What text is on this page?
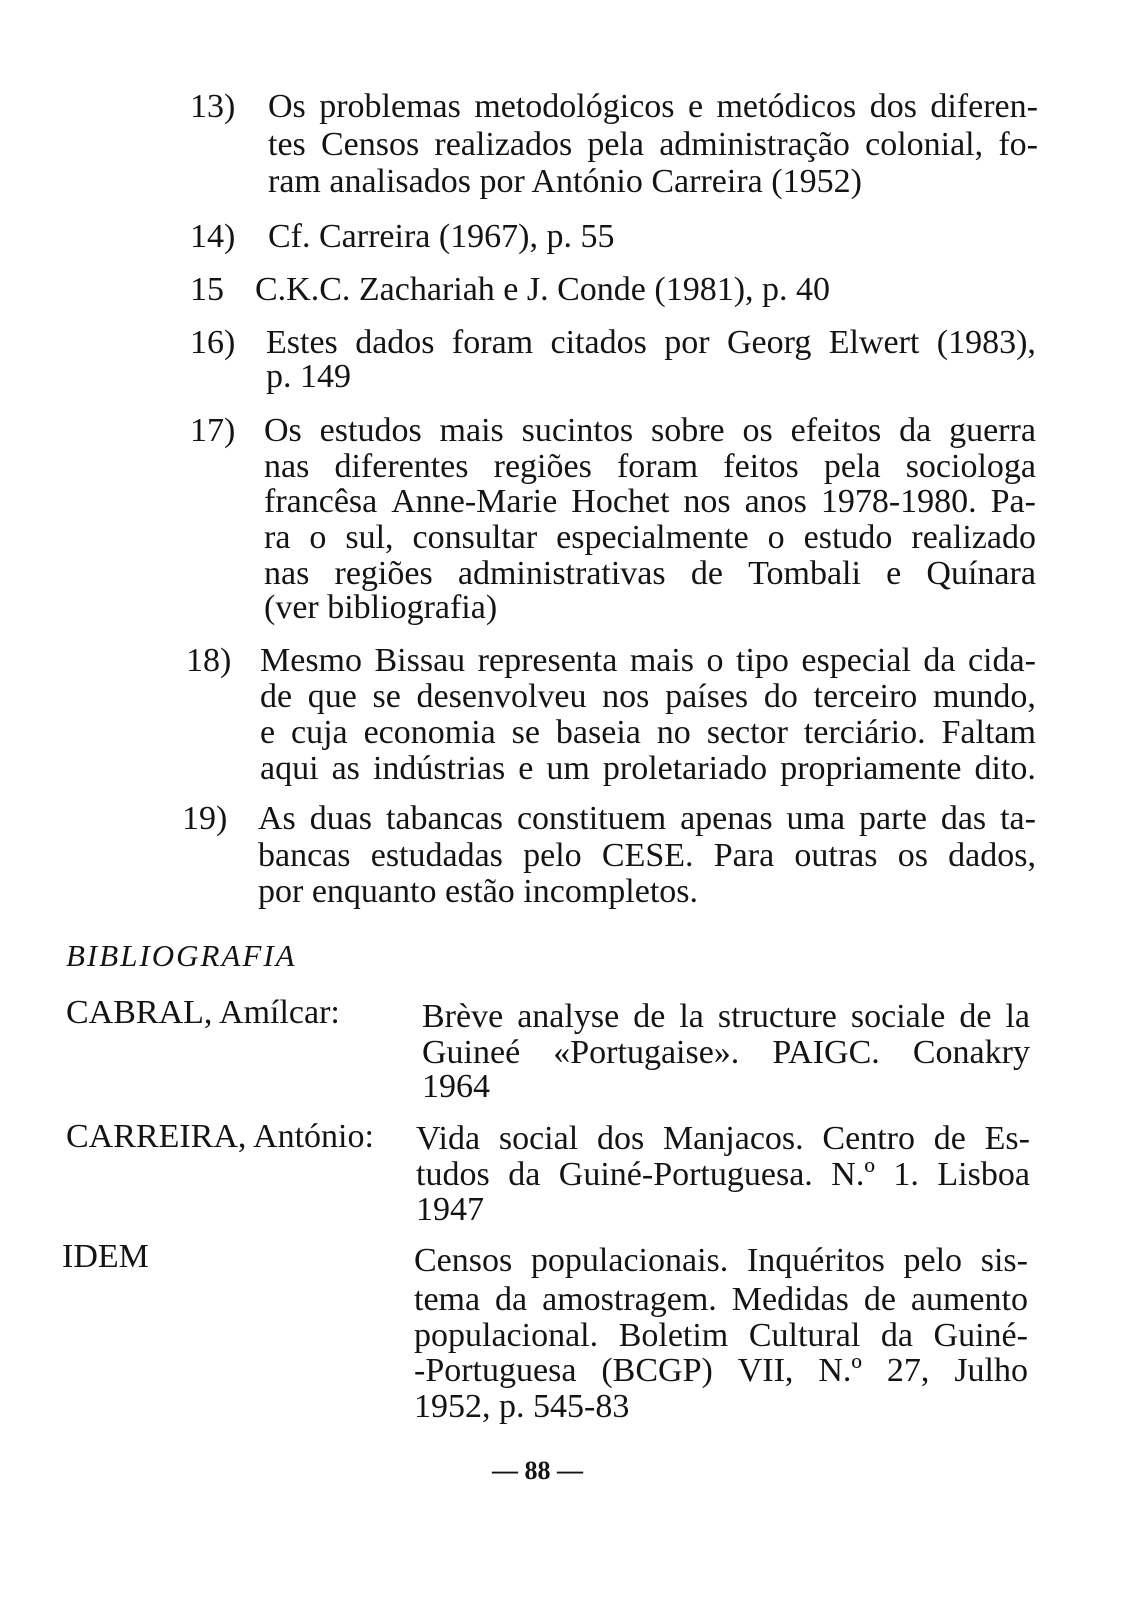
13) Os problemas metodológicos e metódicos dos diferen-
tes Censos realizados pela administração colonial, fo-
ram analisados por António Carreira (1952)
14) Cf. Carreira (1967), p. 55
15 C.K.C. Zachariah e J. Conde (1981), p. 40
16) Estes dados foram citados por Georg Elwert (1983),
p. 149
17) Os estudos mais sucintos sobre os efeitos da guerra
nas diferentes regiões foram feitos pela sociologa
francêsa Anne-Marie Hochet nos anos 1978-1980. Pa-
ra o sul, consultar especialmente o estudo realizado
nas regiões administrativas de Tombali e Quínara
(ver bibliografia)
18) Mesmo Bissau representa mais o tipo especial da cida-
de que se desenvolveu nos países do terceiro mundo,
e cuja economia se baseia no sector terciário. Faltam
aqui as indústrias e um proletariado propriamente dito.
19) As duas tabancas constituem apenas uma parte das ta-
bancas estudadas pelo CESE. Para outras os dados,
por enquanto estão incompletos.
BIBLIOGRAFIA
CABRAL, Amílcar: Brève analyse de la structure sociale de la
Guineé «Portugaise». PAIGC. Conakry
1964
CARREIRA, António: Vida social dos Manjacos. Centro de Es-
tudos da Guiné-Portuguesa. N.º 1. Lisboa
1947
IDEM	Censos populacionais. Inquéritos pelo sis-
tema da amostragem. Medidas de aumento
populacional. Boletim Cultural da Guiné-
-Portuguesa (BCGP) VII, N.º 27, Julho
1952, p. 545-83
— 88 —
